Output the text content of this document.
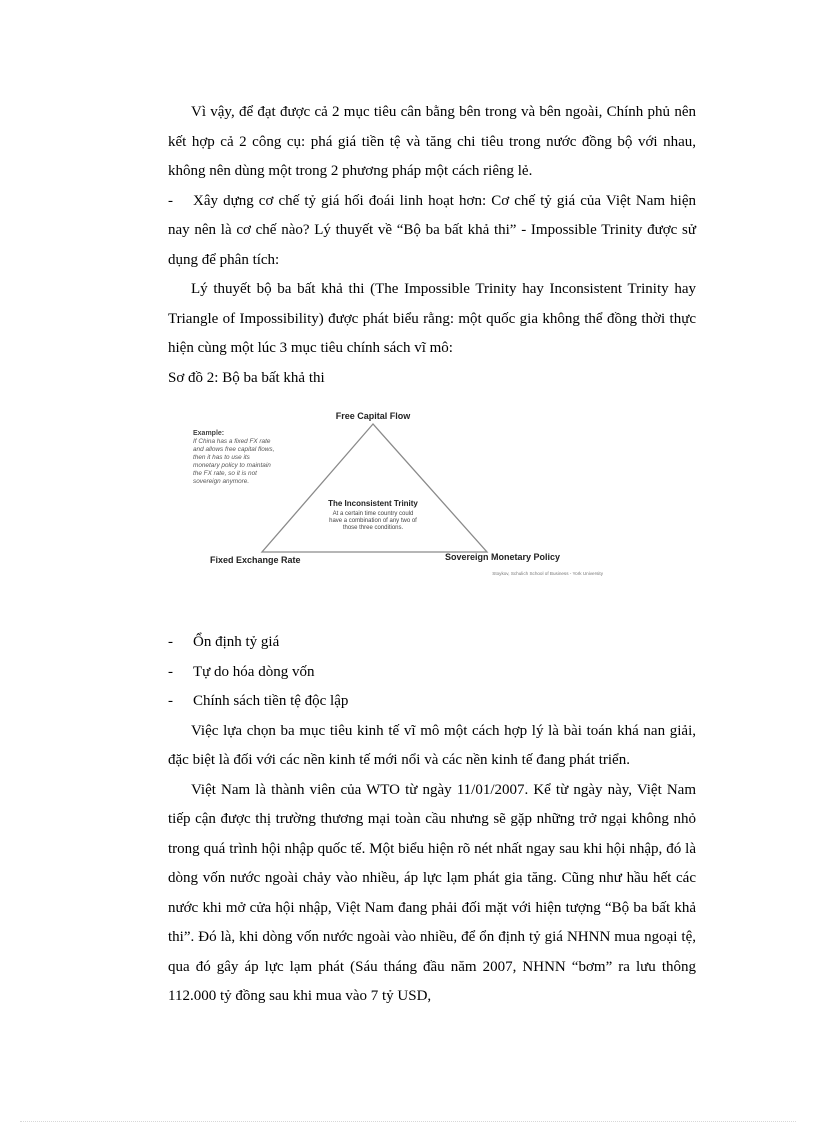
Vì vậy, để đạt được cả 2 mục tiêu cân bằng bên trong và bên ngoài, Chính phủ nên kết hợp cả 2 công cụ: phá giá tiền tệ và tăng chi tiêu trong nước đồng bộ với nhau, không nên dùng một trong 2 phương pháp một cách riêng lẻ.

- Xây dựng cơ chế tỷ giá hối đoái linh hoạt hơn: Cơ chế tỷ giá của Việt Nam hiện nay nên là cơ chế nào? Lý thuyết về “Bộ ba bất khả thi” - Impossible Trinity được sử dụng để phân tích:

Lý thuyết bộ ba bất khả thi (The Impossible Trinity hay Inconsistent Trinity hay Triangle of Impossibility) được phát biểu rằng: một quốc gia không thể đồng thời thực hiện cùng một lúc 3 mục tiêu chính sách vĩ mô:

Sơ đồ 2: Bộ ba bất khả thi

Free Capital Flow
Fixed Exchange Rate	Sovereign Monetary Policy
The Inconsistent Trinity
At a certain time country could
have a combination of any two of
those three conditions.
Example:
If China has a fixed FX rate
and allows free capital flows,
then it has to use its
monetary policy to maintain
the FX rate, so it is not
sovereign anymore.
Stoykov, Schulich School of Business - York University

- Ổn định tỷ giá

- Tự do hóa dòng vốn

- Chính sách tiền tệ độc lập

Việc lựa chọn ba mục tiêu kinh tế vĩ mô một cách hợp lý là bài toán khá nan giải, đặc biệt là đối với các nền kinh tế mới nổi và các nền kinh tế đang phát triển.

Việt Nam là thành viên của WTO từ ngày 11/01/2007. Kể từ ngày này, Việt Nam tiếp cận được thị trường thương mại toàn cầu nhưng sẽ gặp những trở ngại không nhỏ trong quá trình hội nhập quốc tế. Một biểu hiện rõ nét nhất ngay sau khi hội nhập, đó là dòng vốn nước ngoài chảy vào nhiều, áp lực lạm phát gia tăng. Cũng như hầu hết các nước khi mở cửa hội nhập, Việt Nam đang phải đối mặt với hiện tượng “Bộ ba bất khả thi”. Đó là, khi dòng vốn nước ngoài vào nhiều, để ổn định tỷ giá NHNN mua ngoại tệ, qua đó gây áp lực lạm phát (Sáu tháng đầu năm 2007, NHNN “bơm” ra lưu thông 112.000 tỷ đồng sau khi mua vào 7 tỷ USD,
